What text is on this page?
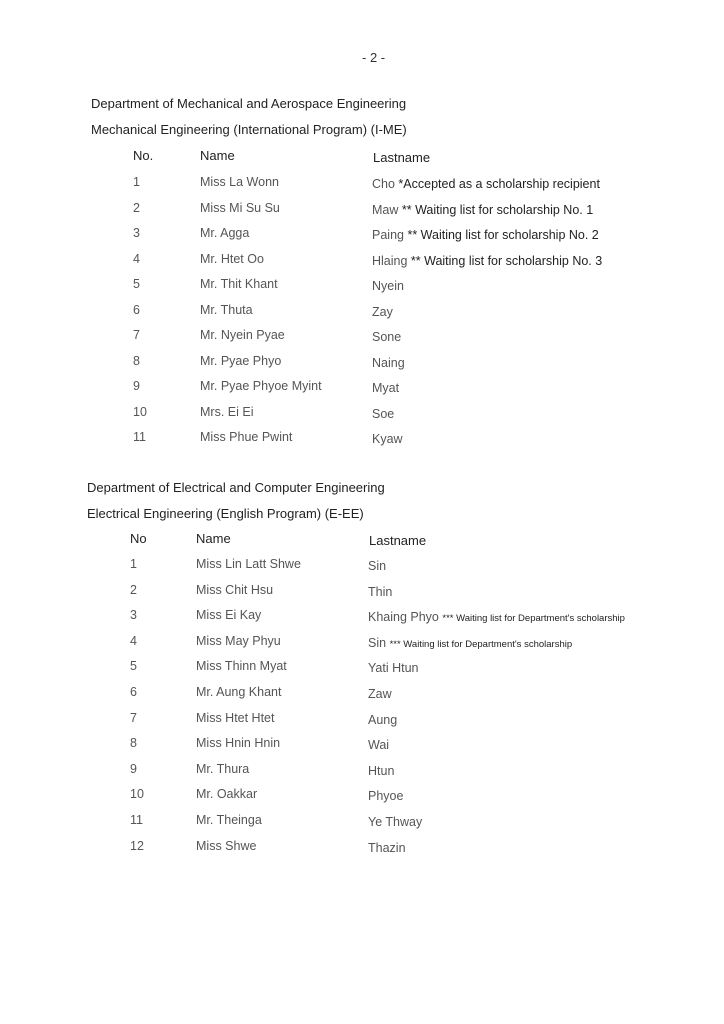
- 2 -
Department of Mechanical and Aerospace Engineering
Mechanical Engineering (International Program) (I-ME)
No.	Name	Lastname
1	Miss La Wonn	Cho *Accepted as a scholarship recipient
2	Miss Mi Su Su	Maw ** Waiting list for scholarship No. 1
3	Mr. Agga	Paing ** Waiting list for scholarship No. 2
4	Mr. Htet Oo	Hlaing ** Waiting list for scholarship No. 3
5	Mr. Thit Khant	Nyein
6	Mr. Thuta	Zay
7	Mr. Nyein Pyae	Sone
8	Mr. Pyae Phyo	Naing
9	Mr. Pyae Phyoe Myint	Myat
10	Mrs. Ei Ei	Soe
11	Miss Phue Pwint	Kyaw
Department of Electrical and Computer Engineering
Electrical Engineering (English Program) (E-EE)
No	Name	Lastname
1	Miss Lin Latt Shwe	Sin
2	Miss Chit Hsu	Thin
3	Miss Ei Kay	Khaing Phyo *** Waiting list for Department's scholarship
4	Miss May Phyu	Sin *** Waiting list for Department's scholarship
5	Miss Thinn Myat	Yati Htun
6	Mr. Aung Khant	Zaw
7	Miss Htet Htet	Aung
8	Miss Hnin Hnin	Wai
9	Mr. Thura	Htun
10	Mr. Oakkar	Phyoe
11	Mr. Theinga	Ye Thway
12	Miss Shwe	Thazin
